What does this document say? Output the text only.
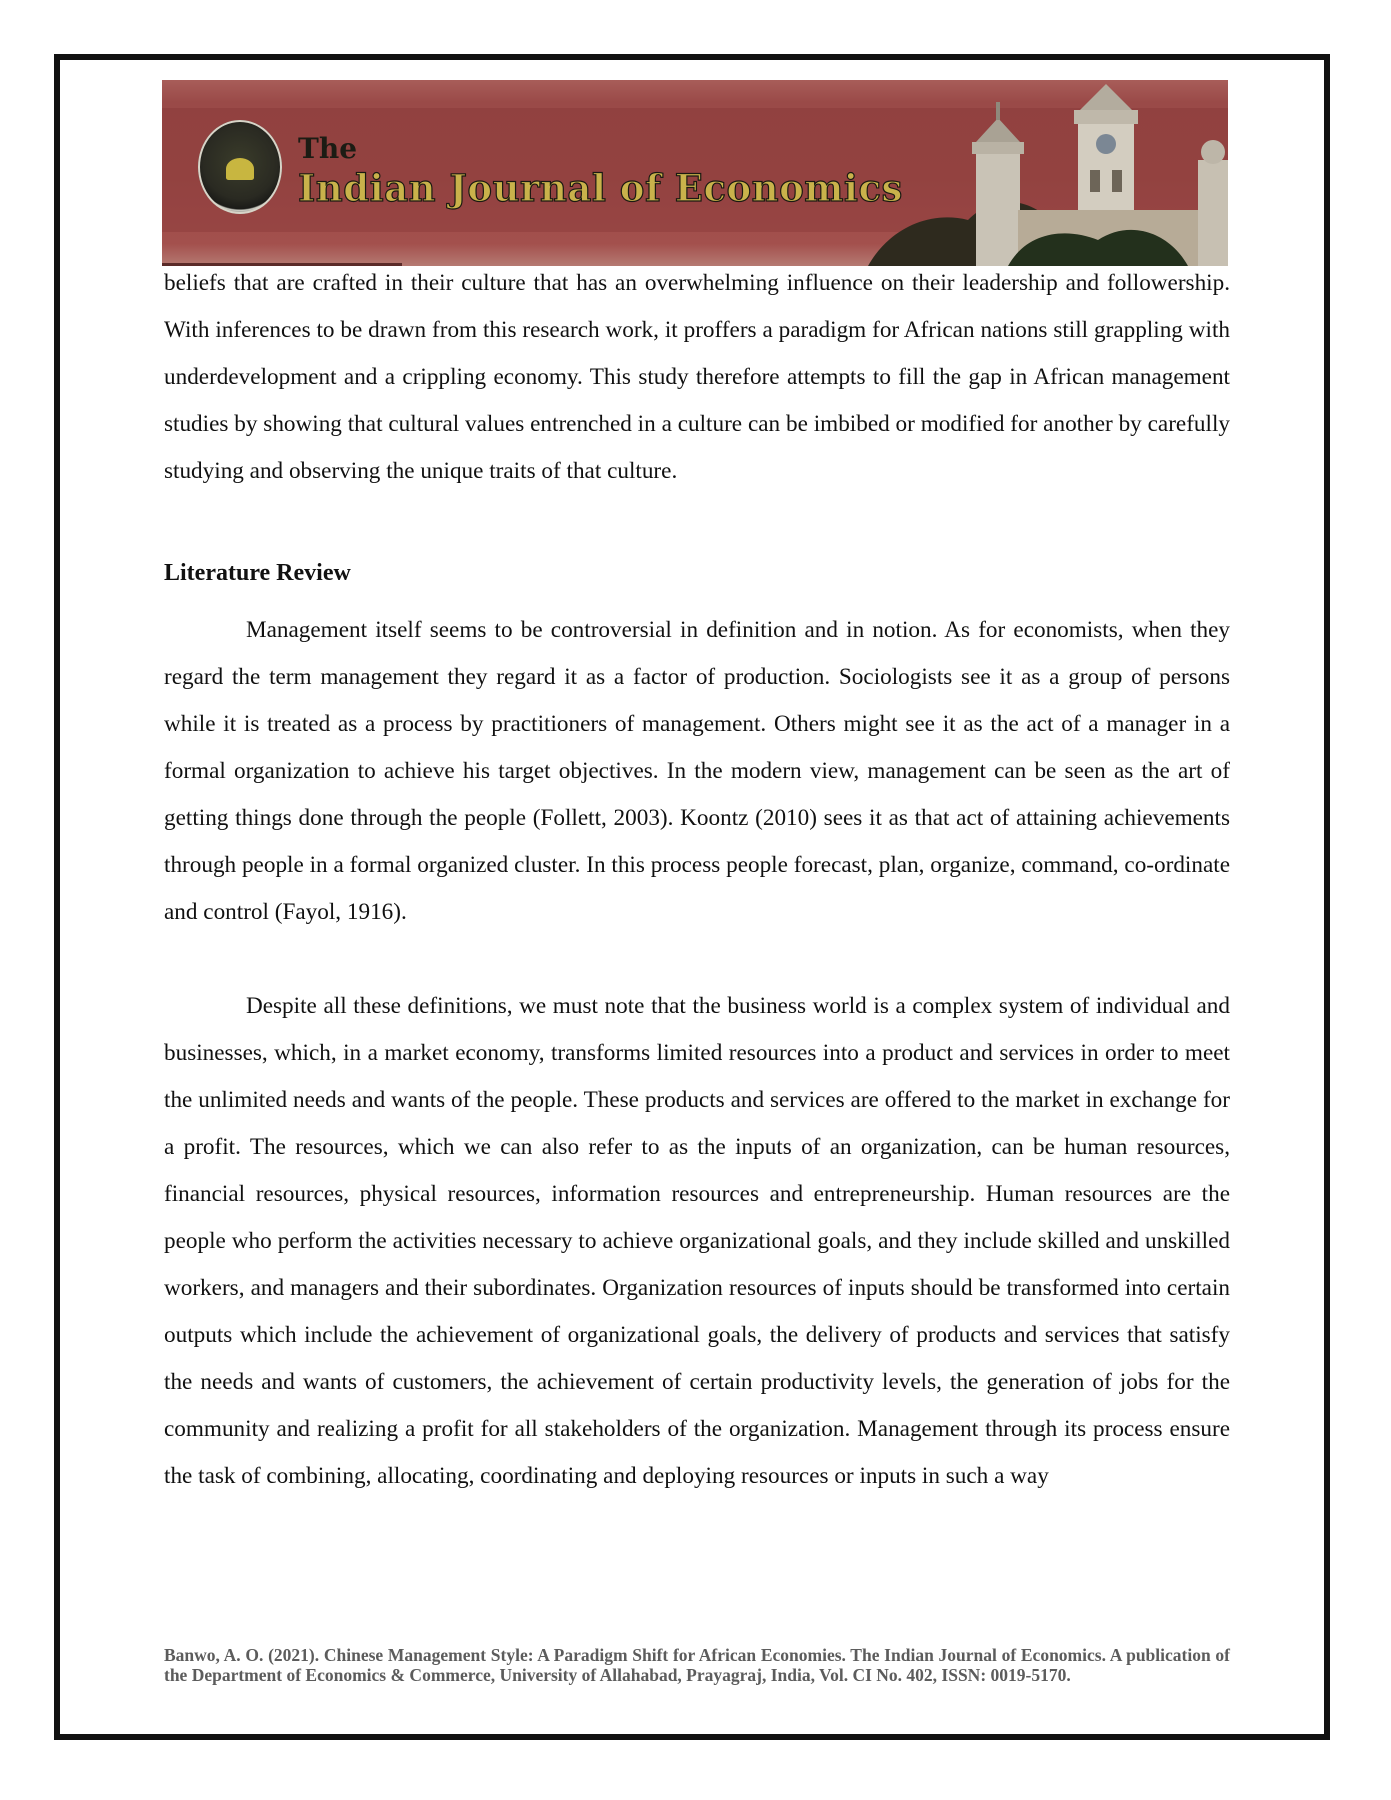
The
Indian Journal of Economics

beliefs that are crafted in their culture that has an overwhelming influence on their leadership and followership. With inferences to be drawn from this research work, it proffers a paradigm for African nations still grappling with underdevelopment and a crippling economy. This study therefore attempts to fill the gap in African management studies by showing that cultural values entrenched in a culture can be imbibed or modified for another by carefully studying and observing the unique traits of that culture.

Literature Review

Management itself seems to be controversial in definition and in notion. As for economists, when they regard the term management they regard it as a factor of production. Sociologists see it as a group of persons while it is treated as a process by practitioners of management. Others might see it as the act of a manager in a formal organization to achieve his target objectives. In the modern view, management can be seen as the art of getting things done through the people (Follett, 2003). Koontz (2010) sees it as that act of attaining achievements through people in a formal organized cluster. In this process people forecast, plan, organize, command, co-ordinate and control (Fayol, 1916).

Despite all these definitions, we must note that the business world is a complex system of individual and businesses, which, in a market economy, transforms limited resources into a product and services in order to meet the unlimited needs and wants of the people. These products and services are offered to the market in exchange for a profit. The resources, which we can also refer to as the inputs of an organization, can be human resources, financial resources, physical resources, information resources and entrepreneurship. Human resources are the people who perform the activities necessary to achieve organizational goals, and they include skilled and unskilled workers, and managers and their subordinates. Organization resources of inputs should be transformed into certain outputs which include the achievement of organizational goals, the delivery of products and services that satisfy the needs and wants of customers, the achievement of certain productivity levels, the generation of jobs for the community and realizing a profit for all stakeholders of the organization. Management through its process ensure the task of combining, allocating, coordinating and deploying resources or inputs in such a way

Banwo, A. O. (2021). Chinese Management Style: A Paradigm Shift for African Economies. The Indian Journal of Economics. A publication of the Department of Economics & Commerce, University of Allahabad, Prayagraj, India, Vol. CI No. 402, ISSN: 0019-5170.
